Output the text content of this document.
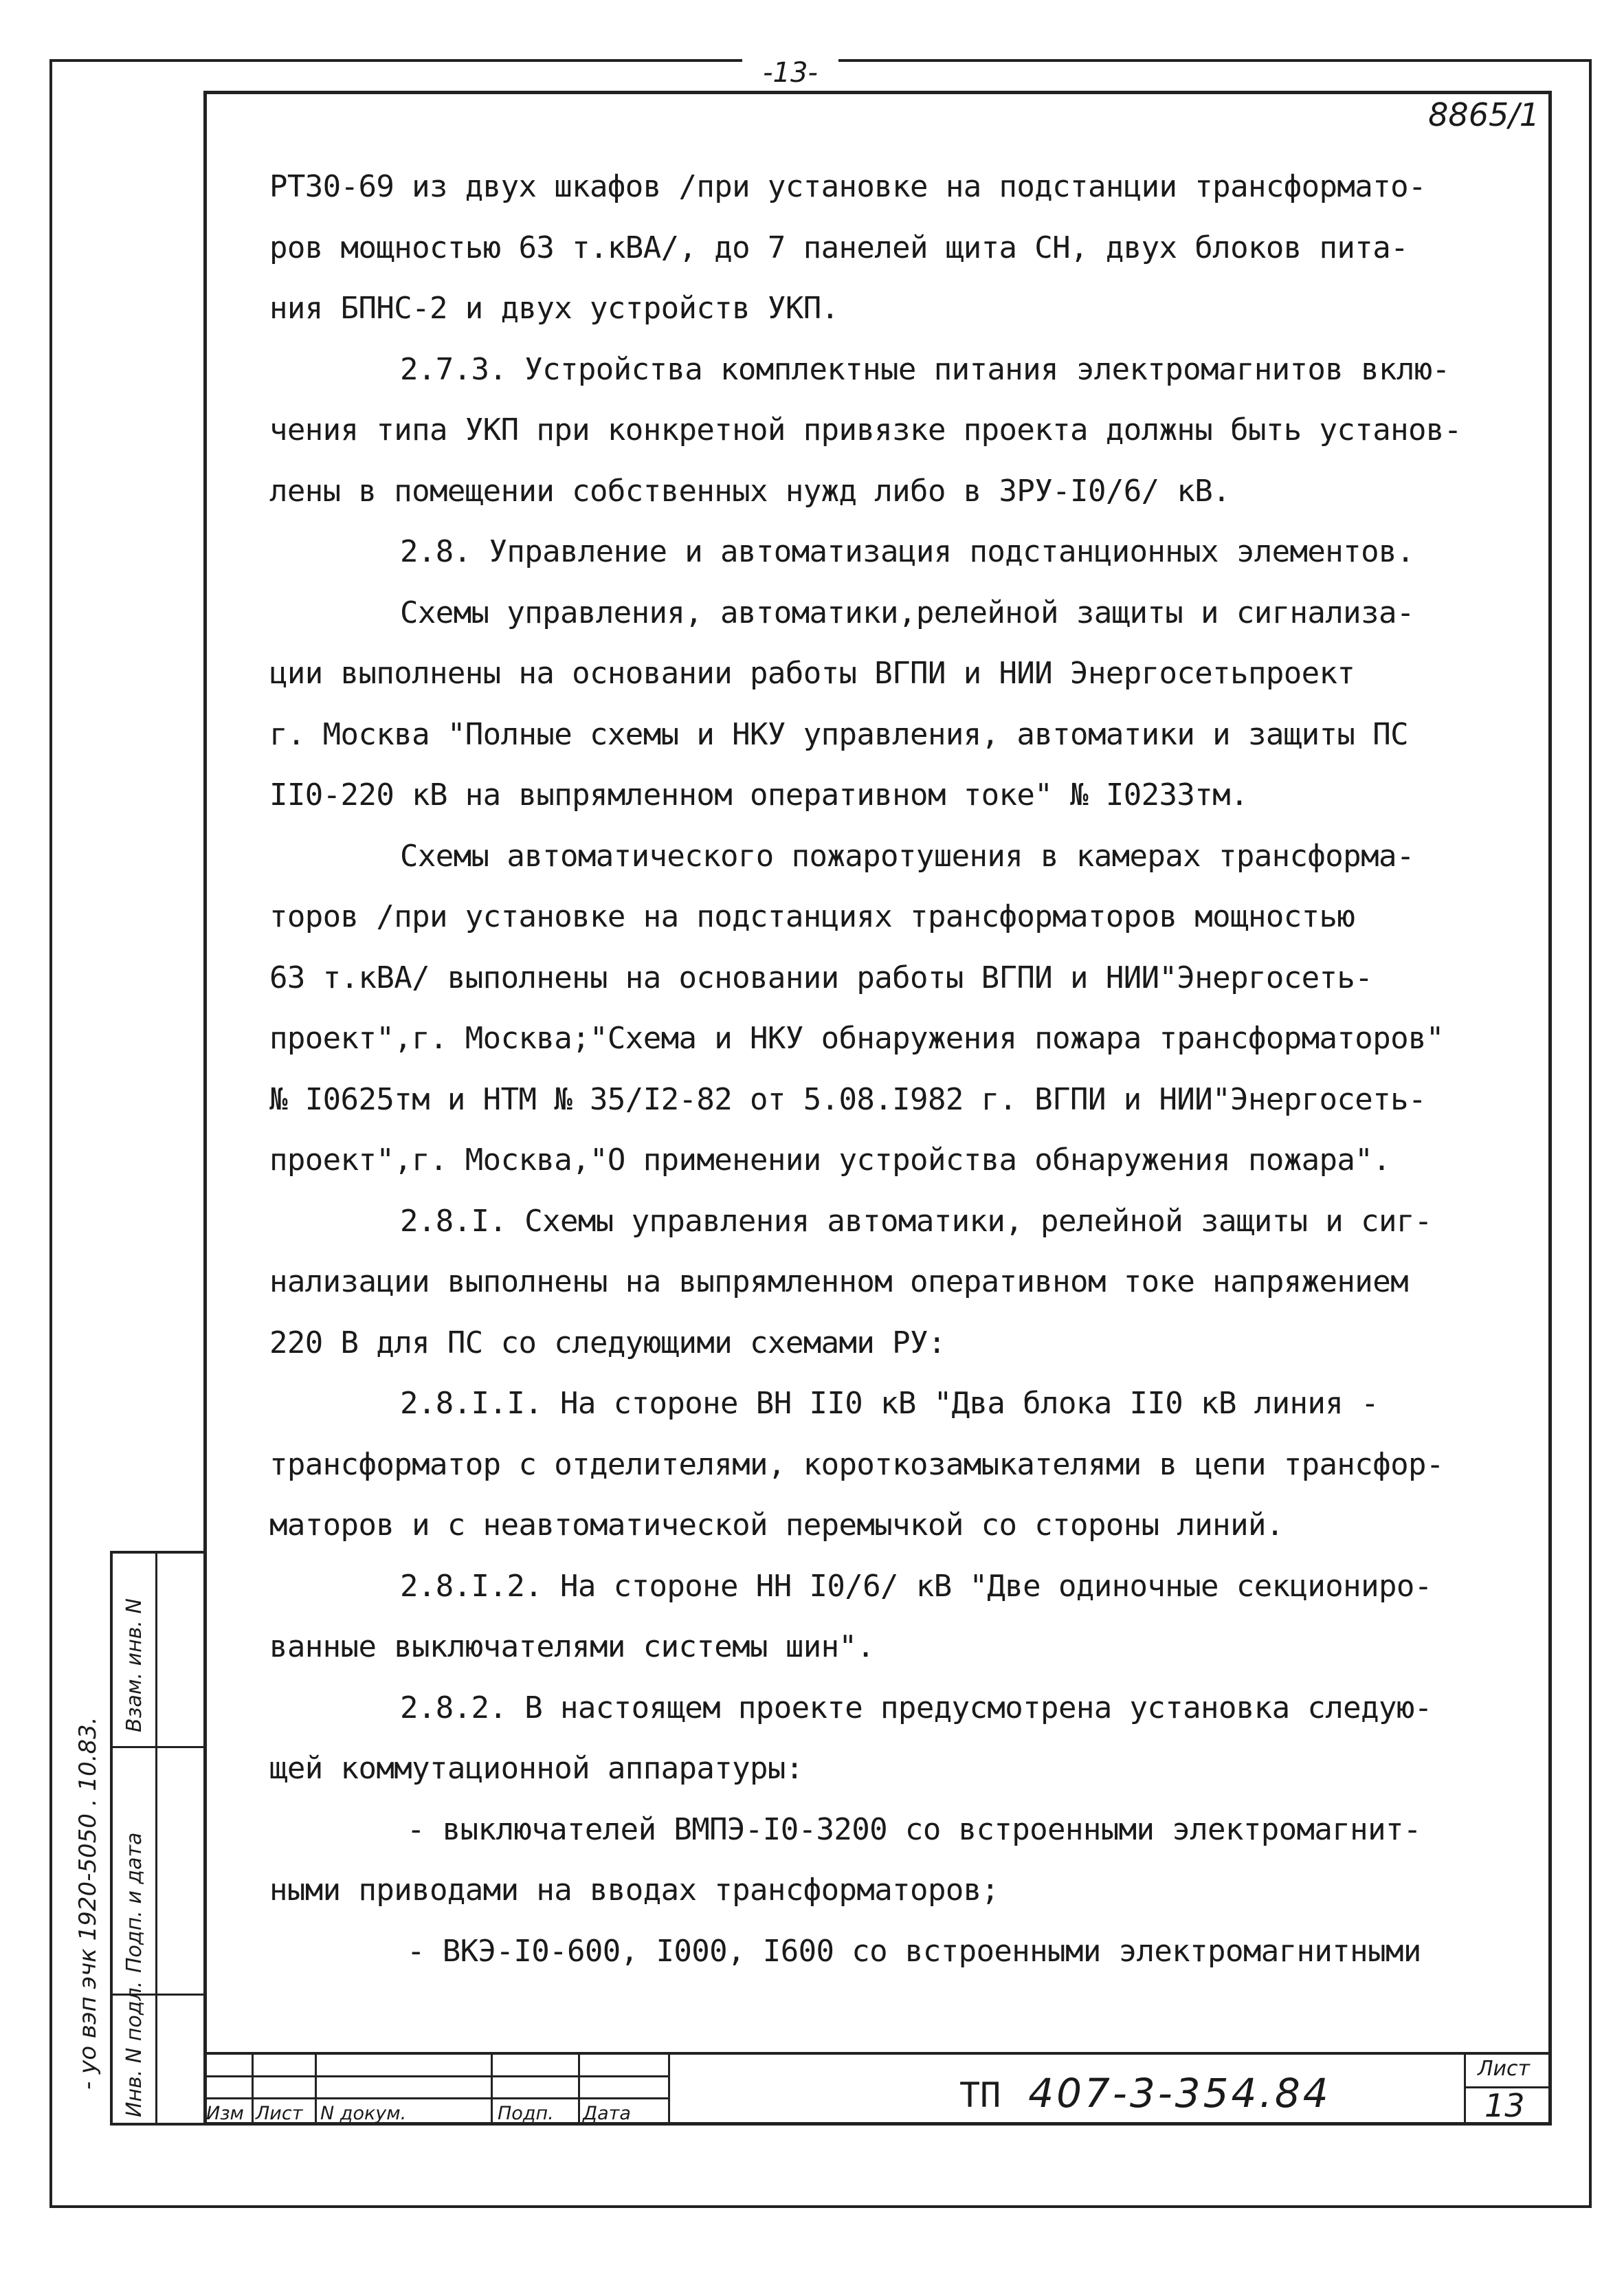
-13-
8865/1

РТЗ0-69 из двух шкафов /при установке на подстанции трансформато-

ров мощностью 63 т.кВА/, до 7 панелей щита СН, двух блоков пита-

ния БПНС-2 и двух устройств УКП.

2.7.3. Устройства комплектные питания электромагнитов вклю-

чения типа УКП при конкретной привязке проекта должны быть установ-

лены в помещении собственных нужд либо в ЗРУ-I0/6/ кВ.

2.8. Управление и автоматизация подстанционных элементов.

Схемы управления, автоматики,релейной защиты и сигнализа-

ции выполнены на основании работы ВГПИ и НИИ Энергосетьпроект

г. Москва "Полные схемы и НКУ управления, автоматики и защиты ПС

II0-220 кВ на выпрямленном оперативном токе" № I0233тм.

Схемы автоматического пожаротушения в камерах трансформа-

торов /при установке на подстанциях трансформаторов мощностью

63 т.кВА/ выполнены на основании работы ВГПИ и НИИ"Энергосеть-

проект",г. Москва;"Схема и НКУ обнаружения пожара трансформаторов"

№ I0625тм и НТМ № 35/I2-82 от 5.08.I982 г. ВГПИ и НИИ"Энергосеть-

проект",г. Москва,"О применении устройства обнаружения пожара".

2.8.I. Схемы управления автоматики, релейной защиты и сиг-

нализации выполнены на выпрямленном оперативном токе напряжением

220 В для ПС со следующими схемами РУ:

2.8.I.I. На стороне ВН II0 кВ "Два блока II0 кВ линия -

трансформатор с отделителями, короткозамыкателями в цепи трансфор-

маторов и с неавтоматической перемычкой со стороны линий.

2.8.I.2. На стороне НН I0/6/ кВ "Две одиночные секциониро-

ванные выключателями системы шин".

2.8.2. В настоящем проекте предусмотрена установка следую-

щей коммутационной аппаратуры:

- выключателей ВМПЭ-I0-3200 со встроенными электромагнит-

ными приводами на вводах трансформаторов;

- ВКЭ-I0-600, I000, I600 со встроенными электромагнитными

Инв. N подл.
Подп. и дата
Взам. инв. N
- уо вэп эчк 1920-5050 . 10.83.
Изм Лист N докум.	Подп. Дата	ТП 407-3-354.84
Лист
13
